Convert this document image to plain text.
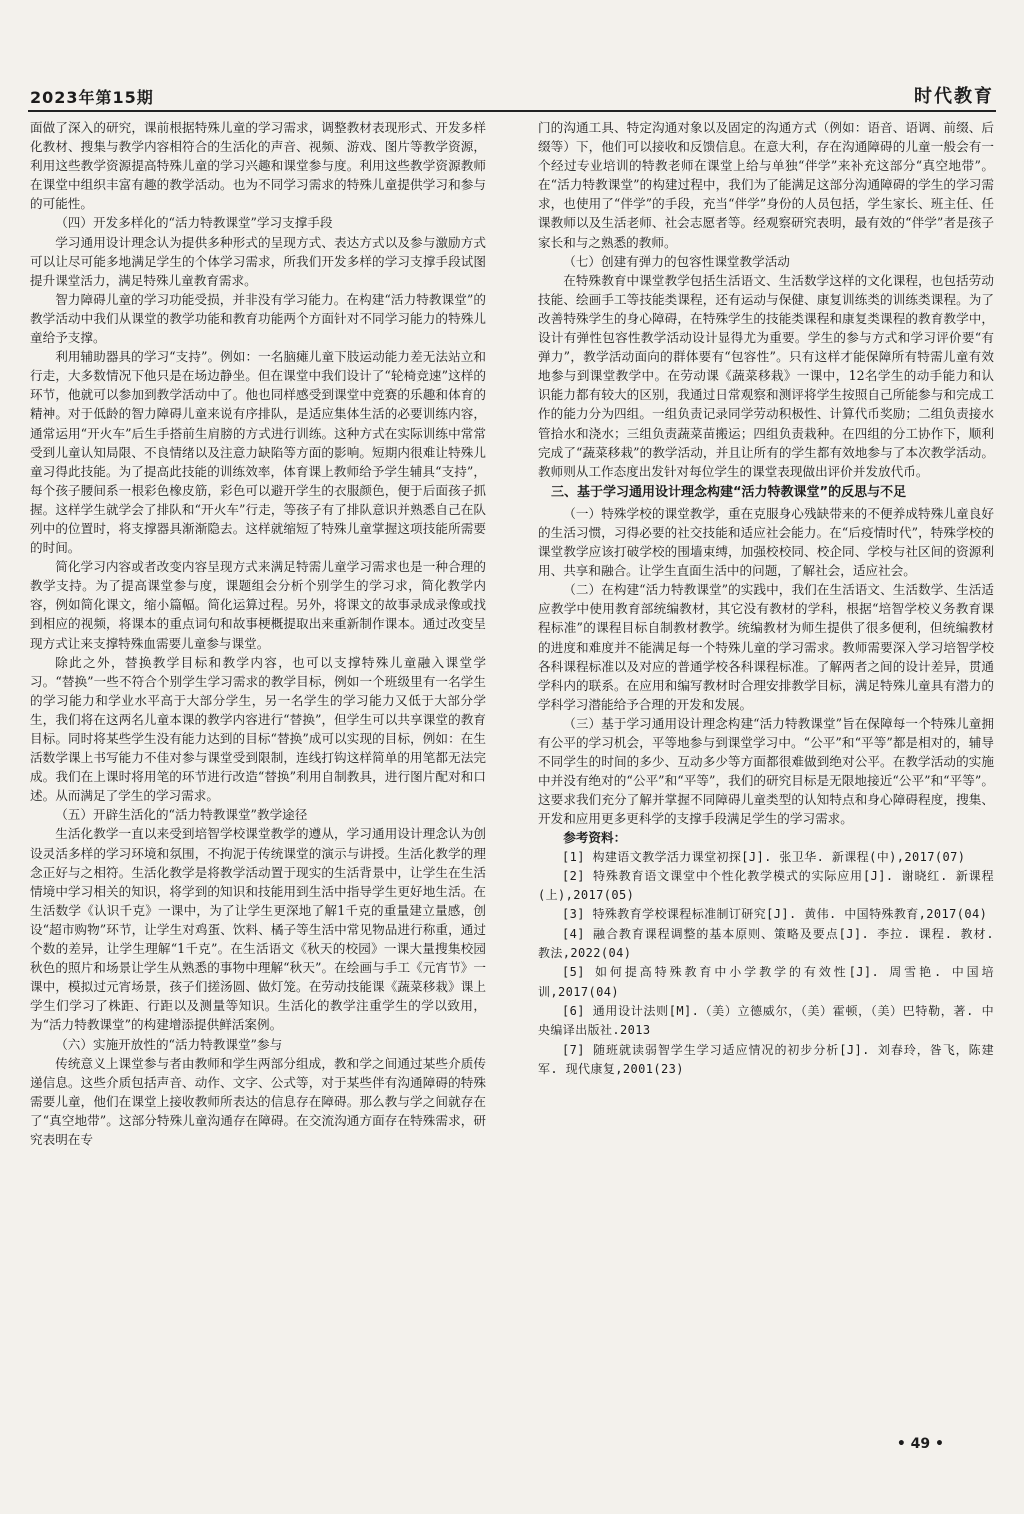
2023年第15期	时代教育

面做了深入的研究，课前根据特殊儿童的学习需求，调整教材表现形式、开发多样化教材、搜集与教学内容相符合的生活化的声音、视频、游戏、图片等教学资源，利用这些教学资源提高特殊儿童的学习兴趣和课堂参与度。利用这些教学资源教师在课堂中组织丰富有趣的教学活动。也为不同学习需求的特殊儿童提供学习和参与的可能性。

（四）开发多样化的“活力特教课堂”学习支撑手段

学习通用设计理念认为提供多种形式的呈现方式、表达方式以及参与激励方式可以让尽可能多地满足学生的个体学习需求，所我们开发多样的学习支撑手段试图提升课堂活力，满足特殊儿童教育需求。

智力障碍儿童的学习功能受损，并非没有学习能力。在构建“活力特教课堂”的教学活动中我们从课堂的教学功能和教育功能两个方面针对不同学习能力的特殊儿童给予支撑。

利用辅助器具的学习“支持”。例如：一名脑瘫儿童下肢运动能力差无法站立和行走，大多数情况下他只是在场边静坐。但在课堂中我们设计了“轮椅竞速”这样的环节，他就可以参加到教学活动中了。他也同样感受到课堂中竞赛的乐趣和体育的精神。对于低龄的智力障碍儿童来说有序排队，是适应集体生活的必要训练内容，通常运用“开火车”后生手搭前生肩膀的方式进行训练。这种方式在实际训练中常常受到儿童认知局限、不良情绪以及注意力缺陷等方面的影响。短期内很难让特殊儿童习得此技能。为了提高此技能的训练效率，体育课上教师给予学生辅具“支持”，每个孩子腰间系一根彩色橡皮筋，彩色可以避开学生的衣服颜色，便于后面孩子抓握。这样学生就学会了排队和“开火车”行走，等孩子有了排队意识并熟悉自己在队列中的位置时，将支撑器具渐渐隐去。这样就缩短了特殊儿童掌握这项技能所需要的时间。

简化学习内容或者改变内容呈现方式来满足特需儿童学习需求也是一种合理的教学支持。为了提高课堂参与度，课题组会分析个别学生的学习求，简化教学内容，例如简化课文，缩小篇幅。简化运算过程。另外，将课文的故事录成录像或找到相应的视频，将课本的重点词句和故事梗概提取出来重新制作课本。通过改变呈现方式让来支撑特殊血需要儿童参与课堂。

除此之外，替换教学目标和教学内容，也可以支撑特殊儿童融入课堂学习。“替换”一些不符合个别学生学习需求的教学目标，例如一个班级里有一名学生的学习能力和学业水平高于大部分学生，另一名学生的学习能力又低于大部分学生，我们将在这两名儿童本课的教学内容进行“替换”，但学生可以共享课堂的教育目标。同时将某些学生没有能力达到的目标“替换”成可以实现的目标，例如：在生活数学课上书写能力不佳对参与课堂受到限制，连线打钩这样简单的用笔都无法完成。我们在上课时将用笔的环节进行改造“替换”利用自制教具，进行图片配对和口述。从而满足了学生的学习需求。

（五）开辟生活化的“活力特教课堂”教学途径

生活化教学一直以来受到培智学校课堂教学的遵从，学习通用设计理念认为创设灵活多样的学习环境和氛围，不拘泥于传统课堂的演示与讲授。生活化教学的理念正好与之相符。生活化教学是将教学活动置于现实的生活背景中，让学生在生活情境中学习相关的知识，将学到的知识和技能用到生活中指导学生更好地生活。在生活数学《认识千克》一课中，为了让学生更深地了解1千克的重量建立量感，创设“超市购物”环节，让学生对鸡蛋、饮料、橘子等生活中常见物品进行称重，通过个数的差异，让学生理解“1千克”。在生活语文《秋天的校园》一课大量搜集校园秋色的照片和场景让学生从熟悉的事物中理解“秋天”。在绘画与手工《元宵节》一课中，模拟过元宵场景，孩子们搓汤圆、做灯笼。在劳动技能课《蔬菜移栽》课上学生们学习了株距、行距以及测量等知识。生活化的教学注重学生的学以致用，为“活力特教课堂”的构建增添提供鲜活案例。

（六）实施开放性的“活力特教课堂”参与

传统意义上课堂参与者由教师和学生两部分组成，教和学之间通过某些介质传递信息。这些介质包括声音、动作、文字、公式等，对于某些伴有沟通障碍的特殊需要儿童，他们在课堂上接收教师所表达的信息存在障碍。那么教与学之间就存在了“真空地带”。这部分特殊儿童沟通存在障碍。在交流沟通方面存在特殊需求，研究表明在专

门的沟通工具、特定沟通对象以及固定的沟通方式（例如：语音、语调、前缀、后缀等）下，他们可以接收和反馈信息。在意大利，存在沟通障碍的儿童一般会有一个经过专业培训的特教老师在课堂上给与单独“伴学”来补充这部分“真空地带”。在“活力特教课堂”的构建过程中，我们为了能满足这部分沟通障碍的学生的学习需求，也使用了“伴学”的手段，充当“伴学”身份的人员包括，学生家长、班主任、任课教师以及生活老师、社会志愿者等。经观察研究表明，最有效的“伴学”者是孩子家长和与之熟悉的教师。

（七）创建有弹力的包容性课堂教学活动

在特殊教育中课堂教学包括生活语文、生活数学这样的文化课程，也包括劳动技能、绘画手工等技能类课程，还有运动与保健、康复训练类的训练类课程。为了改善特殊学生的身心障碍，在特殊学生的技能类课程和康复类课程的教育教学中，设计有弹性包容性教学活动设计显得尤为重要。学生的参与方式和学习评价要“有弹力”，教学活动面向的群体要有“包容性”。只有这样才能保障所有特需儿童有效地参与到课堂教学中。在劳动课《蔬菜移栽》一课中，12名学生的动手能力和认识能力都有较大的区别，我通过日常观察和测评将学生按照自己所能参与和完成工作的能力分为四组。一组负责记录同学劳动积极性、计算代币奖励；二组负责接水管拾水和浇水；三组负责蔬菜苗搬运；四组负责栽种。在四组的分工协作下，顺利完成了“蔬菜移栽”的教学活动，并且让所有的学生都有效地参与了本次教学活动。教师则从工作态度出发针对每位学生的课堂表现做出评价并发放代币。

三、基于学习通用设计理念构建“活力特教课堂”的反思与不足

（一）特殊学校的课堂教学，重在克服身心残缺带来的不便养成特殊儿童良好的生活习惯，习得必要的社交技能和适应社会能力。在“后疫情时代”，特殊学校的课堂教学应该打破学校的围墙束缚，加强校校同、校企同、学校与社区间的资源利用、共享和融合。让学生直面生活中的问题，了解社会，适应社会。

（二）在构建“活力特教课堂”的实践中，我们在生活语文、生活数学、生活适应教学中使用教育部统编教材，其它没有教材的学科，根据“培智学校义务教育课程标准”的课程目标自制教材教学。统编教材为师生提供了很多便利，但统编教材的进度和难度并不能满足每一个特殊儿童的学习需求。教师需要深入学习培智学校各科课程标准以及对应的普通学校各科课程标准。了解两者之间的设计差异，贯通学科内的联系。在应用和编写教材时合理安排教学目标，满足特殊儿童具有潜力的学科学习潜能给予合理的开发和发展。

（三）基于学习通用设计理念构建“活力特教课堂”旨在保障每一个特殊儿童拥有公平的学习机会，平等地参与到课堂学习中。“公平”和“平等”都是相对的，辅导不同学生的时间的多少、互动多少等方面都很难做到绝对公平。在教学活动的实施中并没有绝对的“公平”和“平等”，我们的研究目标是无限地接近“公平”和“平等”。这要求我们充分了解并掌握不同障碍儿童类型的认知特点和身心障碍程度，搜集、开发和应用更多更科学的支撑手段满足学生的学习需求。

参考资料：
[1] 构建语文教学活力课堂初探[J]. 张卫华. 新课程(中),2017(07)
[2] 特殊教育语文课堂中个性化教学模式的实际应用[J]. 谢晓红. 新课程(上),2017(05)
[3] 特殊教育学校课程标准制订研究[J]. 黄伟. 中国特殊教育,2017(04)
[4] 融合教育课程调整的基本原则、策略及要点[J]. 李拉. 课程. 教材. 教法,2022(04)
[5] 如何提高特殊教育中小学教学的有效性[J]. 周雪艳. 中国培训,2017(04)
[6] 通用设计法则[M].（美）立德威尔，（美）霍顿，（美）巴特勒，著. 中央编译出版社.2013
[7] 随班就读弱智学生学习适应情况的初步分析[J]. 刘春玲，昝飞，陈建军. 现代康复,2001(23)
• 49 •
